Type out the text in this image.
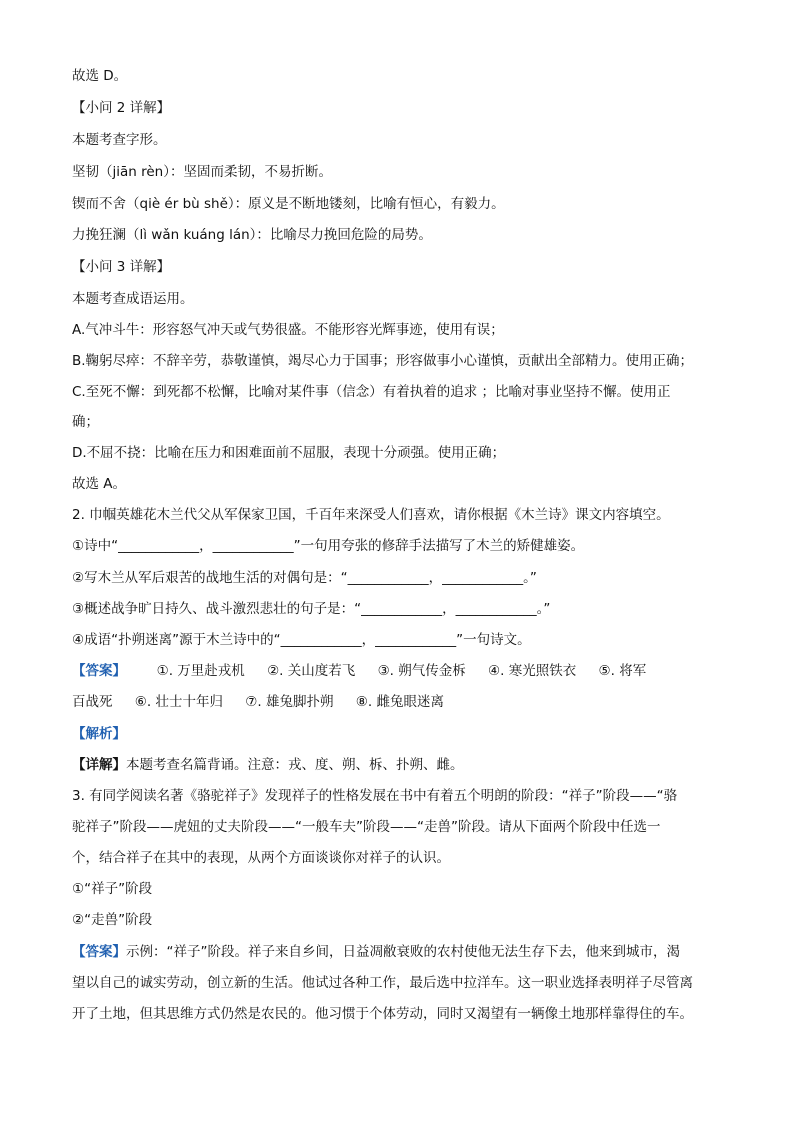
故选 D。
【小问 2 详解】
本题考查字形。
坚韧（jiān rèn）：坚固而柔韧，不易折断。
锲而不舍（qiè ér bù shě）：原义是不断地镂刻，比喻有恒心，有毅力。
力挽狂澜（lì wǎn kuáng lán）：比喻尽力挽回危险的局势。
【小问 3 详解】
本题考查成语运用。
A.气冲斗牛：形容怒气冲天或气势很盛。不能形容光辉事迹，使用有误；
B.鞠躬尽瘁：不辞辛劳，恭敬谨慎，竭尽心力于国事；形容做事小心谨慎，贡献出全部精力。使用正确；
C.至死不懈：到死都不松懈，比喻对某件事（信念）有着执着的追求 ；比喻对事业坚持不懈。使用正
确；
D.不屈不挠：比喻在压力和困难面前不屈服，表现十分顽强。使用正确；
故选 A。
2. 巾帼英雄花木兰代父从军保家卫国，千百年来深受人们喜欢，请你根据《木兰诗》课文内容填空。
①诗中“____________，____________”一句用夸张的修辞手法描写了木兰的矫健雄姿。
②写木兰从军后艰苦的战地生活的对偶句是：“____________，____________。”
③概述战争旷日持久、战斗激烈悲壮的句子是：“____________，____________。”
④成语“扑朔迷离”源于木兰诗中的“____________，____________”一句诗文。
【答案】 ①. 万里赴戎机 ②. 关山度若飞 ③. 朔气传金柝 ④. 寒光照铁衣 ⑤. 将军
百战死 ⑥. 壮士十年归 ⑦. 雄兔脚扑朔 ⑧. 雌兔眼迷离
【解析】
【详解】本题考查名篇背诵。注意：戎、度、朔、柝、扑朔、雌。
3. 有同学阅读名著《骆驼祥子》发现祥子的性格发展在书中有着五个明朗的阶段：“祥子”阶段——“骆
驼祥子”阶段——虎妞的丈夫阶段——“一般车夫”阶段——“走兽”阶段。请从下面两个阶段中任选一
个，结合祥子在其中的表现，从两个方面谈谈你对祥子的认识。
①“祥子”阶段
②“走兽”阶段
【答案】示例：“祥子”阶段。祥子来自乡间，日益凋敝衰败的农村使他无法生存下去，他来到城市，渴
望以自己的诚实劳动，创立新的生活。他试过各种工作，最后选中拉洋车。这一职业选择表明祥子尽管离
开了土地，但其思维方式仍然是农民的。他习惯于个体劳动，同时又渴望有一辆像土地那样靠得住的车。
